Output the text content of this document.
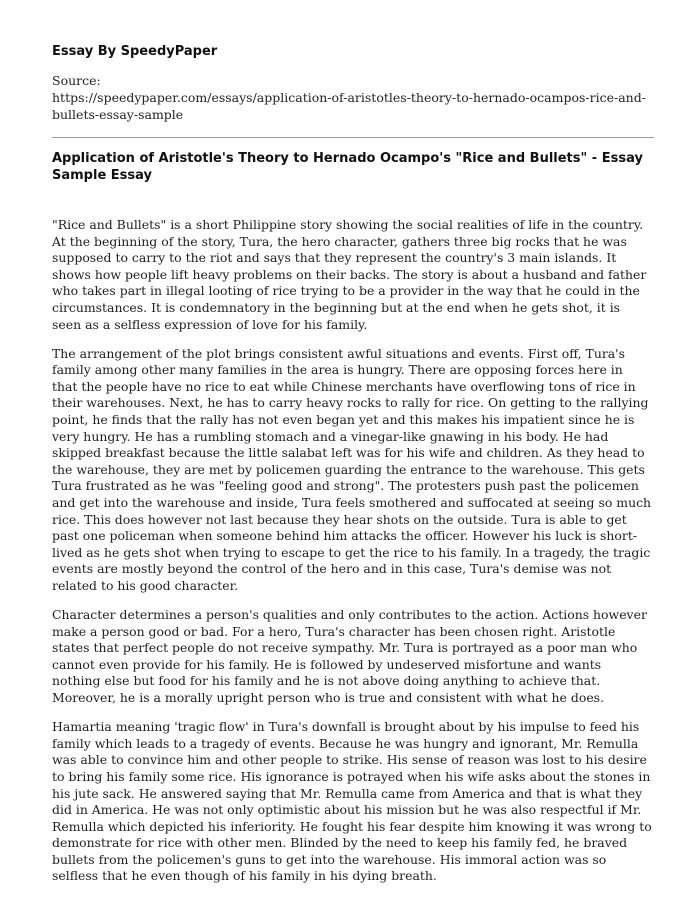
Essay By SpeedyPaper
Source:
https://speedypaper.com/essays/application-of-aristotles-theory-to-hernado-ocampos-rice-and-bullets-essay-sample
Application of Aristotle's Theory to Hernado Ocampo's "Rice and Bullets" - Essay Sample Essay

"Rice and Bullets" is a short Philippine story showing the social realities of life in the country. At the beginning of the story, Tura, the hero character, gathers three big rocks that he was supposed to carry to the riot and says that they represent the country's 3 main islands. It shows how people lift heavy problems on their backs. The story is about a husband and father who takes part in illegal looting of rice trying to be a provider in the way that he could in the circumstances. It is condemnatory in the beginning but at the end when he gets shot, it is seen as a selfless expression of love for his family.

The arrangement of the plot brings consistent awful situations and events. First off, Tura's family among other many families in the area is hungry. There are opposing forces here in that the people have no rice to eat while Chinese merchants have overflowing tons of rice in their warehouses. Next, he has to carry heavy rocks to rally for rice. On getting to the rallying point, he finds that the rally has not even began yet and this makes his impatient since he is very hungry. He has a rumbling stomach and a vinegar-like gnawing in his body. He had skipped breakfast because the little salabat left was for his wife and children. As they head to the warehouse, they are met by policemen guarding the entrance to the warehouse. This gets Tura frustrated as he was "feeling good and strong". The protesters push past the policemen and get into the warehouse and inside, Tura feels smothered and suffocated at seeing so much rice. This does however not last because they hear shots on the outside. Tura is able to get past one policeman when someone behind him attacks the officer. However his luck is short-lived as he gets shot when trying to escape to get the rice to his family. In a tragedy, the tragic events are mostly beyond the control of the hero and in this case, Tura's demise was not related to his good character.

Character determines a person's qualities and only contributes to the action. Actions however make a person good or bad. For a hero, Tura's character has been chosen right. Aristotle states that perfect people do not receive sympathy. Mr. Tura is portrayed as a poor man who cannot even provide for his family. He is followed by undeserved misfortune and wants nothing else but food for his family and he is not above doing anything to achieve that. Moreover, he is a morally upright person who is true and consistent with what he does.

Hamartia meaning 'tragic flow' in Tura's downfall is brought about by his impulse to feed his family which leads to a tragedy of events. Because he was hungry and ignorant, Mr. Remulla was able to convince him and other people to strike. His sense of reason was lost to his desire to bring his family some rice. His ignorance is potrayed when his wife asks about the stones in his jute sack. He answered saying that Mr. Remulla came from America and that is what they did in America. He was not only optimistic about his mission but he was also respectful if Mr. Remulla which depicted his inferiority. He fought his fear despite him knowing it was wrong to demonstrate for rice with other men. Blinded by the need to keep his family fed, he braved bullets from the policemen's guns to get into the warehouse. His immoral action was so selfless that he even though of his family in his dying breath.
